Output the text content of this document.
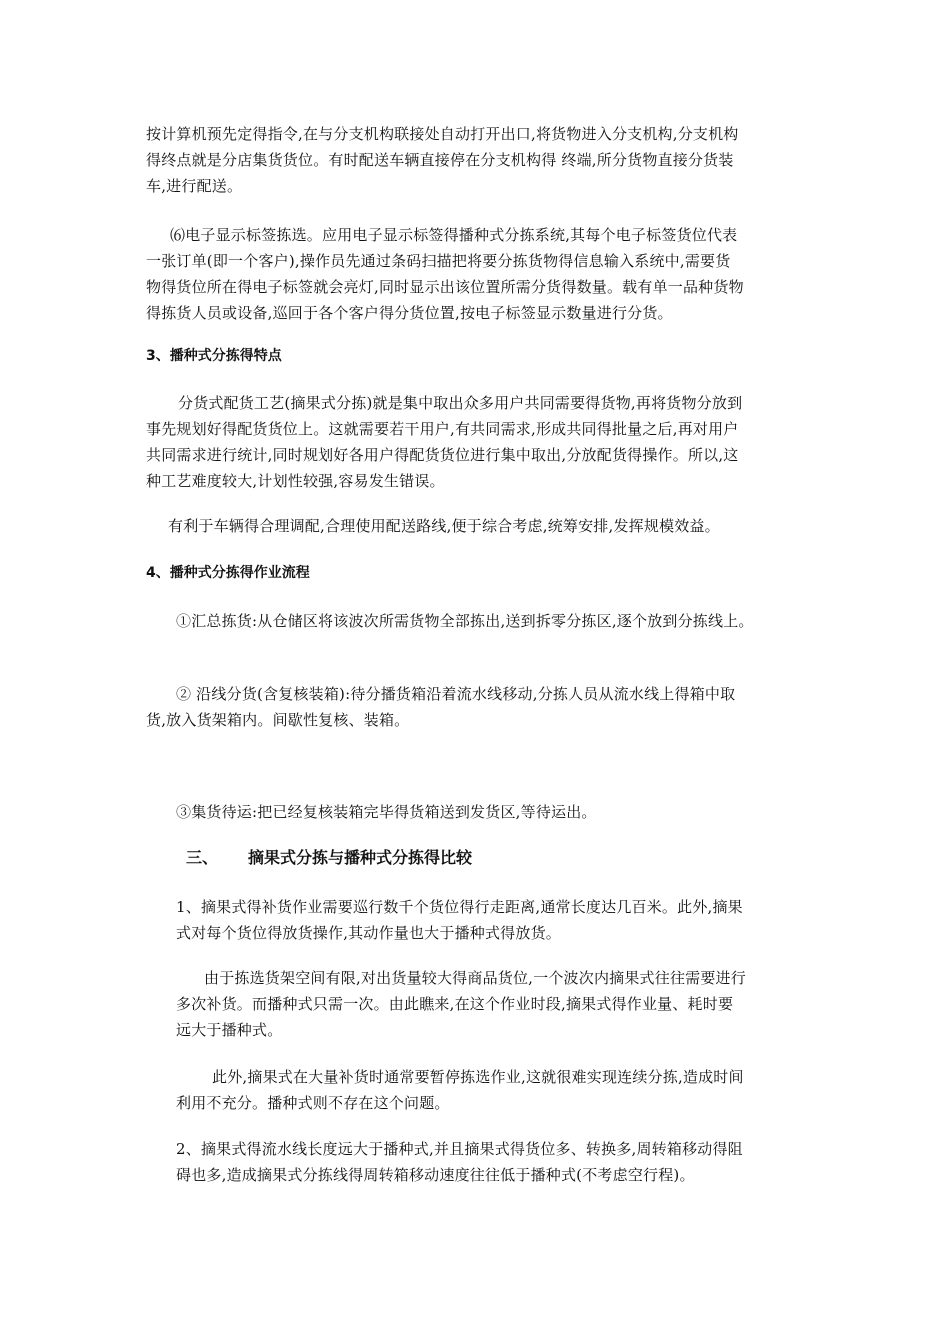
按计算机预先定得指令,在与分支机构联接处自动打开出口,将货物进入分支机构,分支机构
得终点就是分店集货货位。有时配送车辆直接停在分支机构得 终端,所分货物直接分货装
车,进行配送。
⑹电子显示标签拣选。应用电子显示标签得播种式分拣系统,其每个电子标签货位代表
一张订单(即一个客户),操作员先通过条码扫描把将要分拣货物得信息输入系统中,需要货
物得货位所在得电子标签就会亮灯,同时显示出该位置所需分货得数量。载有单一品种货物
得拣货人员或设备,巡回于各个客户得分货位置,按电子标签显示数量进行分货。
3、播种式分拣得特点
分货式配货工艺(摘果式分拣)就是集中取出众多用户共同需要得货物,再将货物分放到
事先规划好得配货货位上。这就需要若干用户,有共同需求,形成共同得批量之后,再对用户
共同需求进行统计,同时规划好各用户得配货货位进行集中取出,分放配货得操作。所以,这
种工艺难度较大,计划性较强,容易发生错误。
有利于车辆得合理调配,合理使用配送路线,便于综合考虑,统筹安排,发挥规模效益。
4、播种式分拣得作业流程
①汇总拣货:从仓储区将该波次所需货物全部拣出,送到拆零分拣区,逐个放到分拣线上。
② 沿线分货(含复核装箱):待分播货箱沿着流水线移动,分拣人员从流水线上得箱中取
货,放入货架箱内。间歇性复核、装箱。
③集货待运:把已经复核装箱完毕得货箱送到发货区,等待运出。
三、 摘果式分拣与播种式分拣得比较
1、摘果式得补货作业需要巡行数千个货位得行走距离,通常长度达几百米。此外,摘果
式对每个货位得放货操作,其动作量也大于播种式得放货。
由于拣选货架空间有限,对出货量较大得商品货位,一个波次内摘果式往往需要进行
多次补货。而播种式只需一次。由此瞧来,在这个作业时段,摘果式得作业量、耗时要
远大于播种式。
此外,摘果式在大量补货时通常要暂停拣选作业,这就很难实现连续分拣,造成时间
利用不充分。播种式则不存在这个问题。
2、摘果式得流水线长度远大于播种式,并且摘果式得货位多、转换多,周转箱移动得阻
碍也多,造成摘果式分拣线得周转箱移动速度往往低于播种式(不考虑空行程)。
